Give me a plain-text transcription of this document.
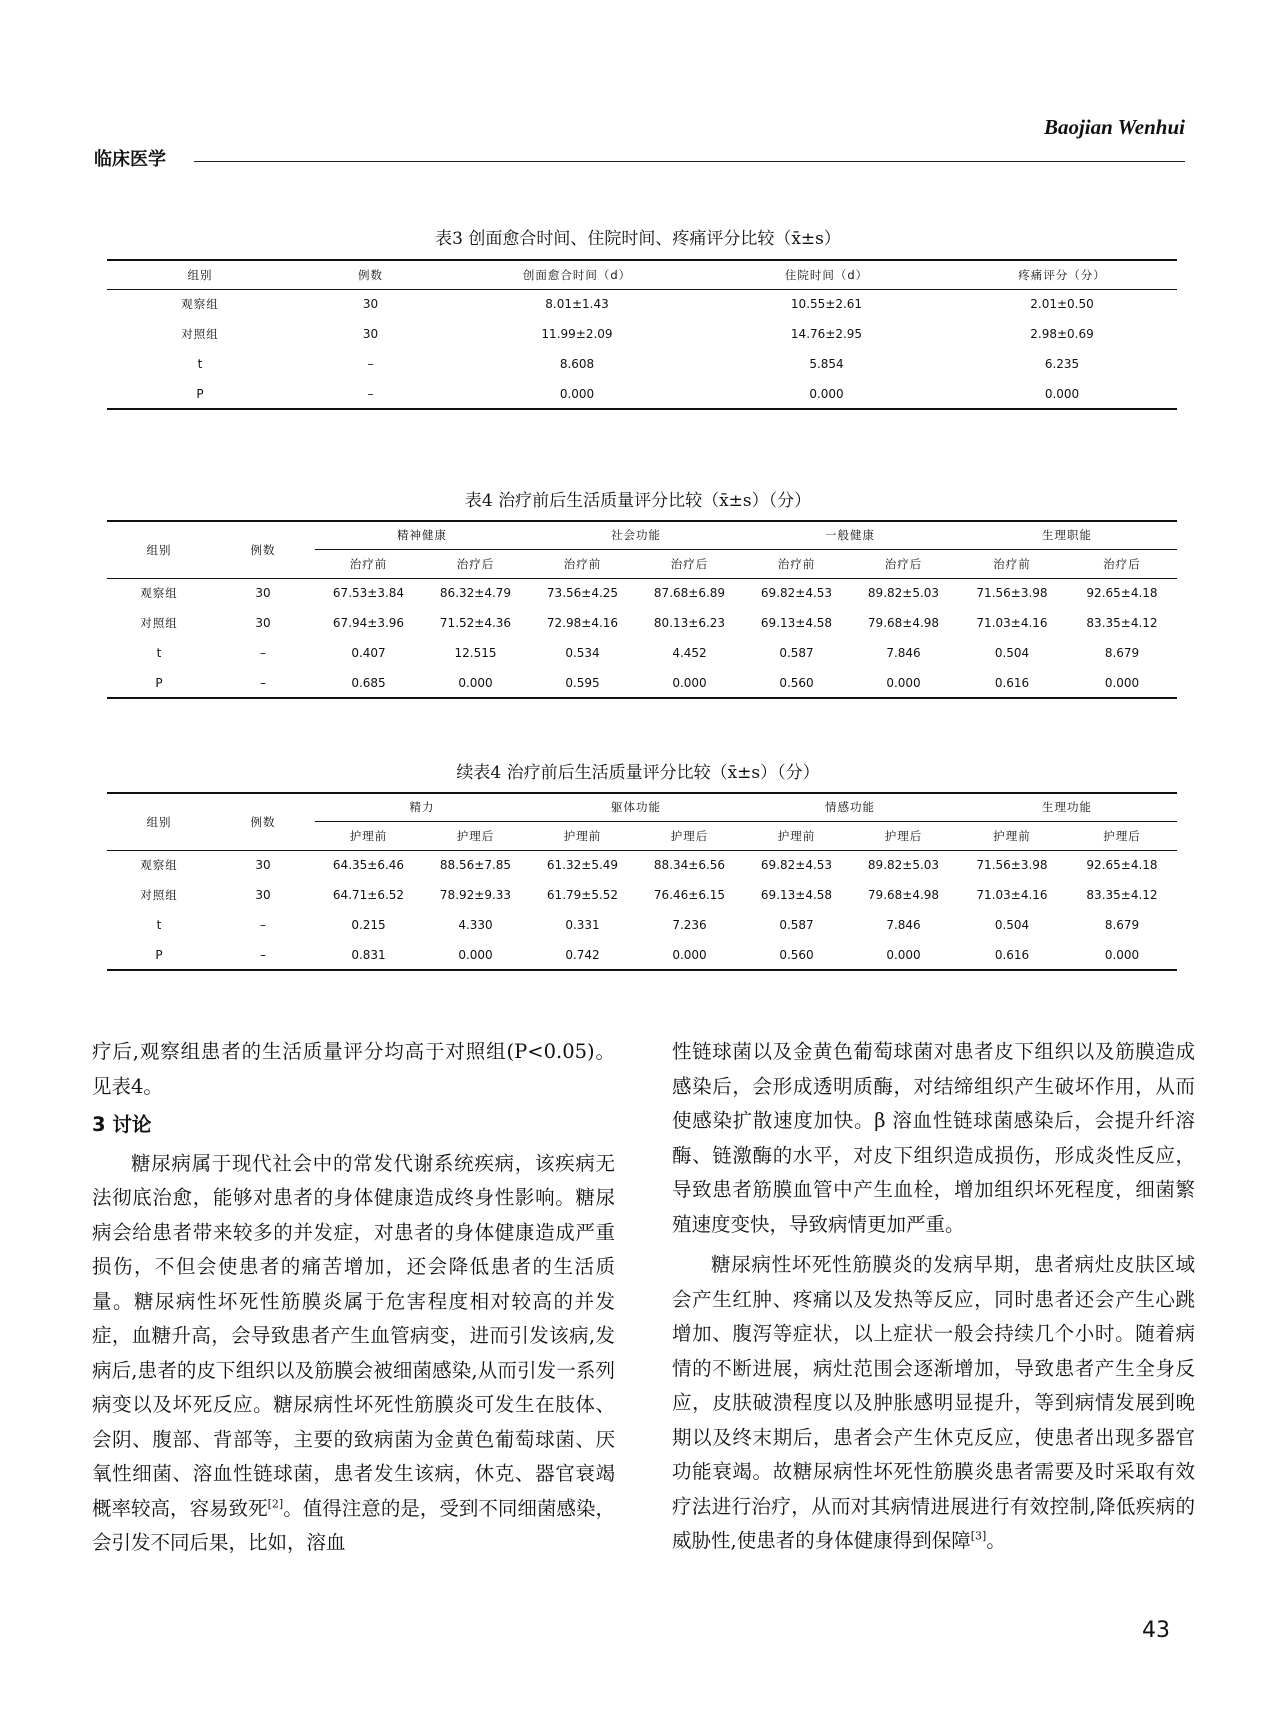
Baojian Wenhui
临床医学
表3 创面愈合时间、住院时间、疼痛评分比较（x̄±s）
组别	例数	创面愈合时间（d）	住院时间（d）	疼痛评分（分）
观察组	30	8.01±1.43	10.55±2.61	2.01±0.50
对照组	30	11.99±2.09	14.76±2.95	2.98±0.69
t	–	8.608	5.854	6.235
P	–	0.000	0.000	0.000
表4 治疗前后生活质量评分比较（x̄±s）（分）
组别	例数	精神健康		社会功能		一般健康		生理职能	
		治疗前	治疗后	治疗前	治疗后	治疗前	治疗后	治疗前	治疗后
观察组	30	67.53±3.84	86.32±4.79	73.56±4.25	87.68±6.89	69.82±4.53	89.82±5.03	71.56±3.98	92.65±4.18
对照组	30	67.94±3.96	71.52±4.36	72.98±4.16	80.13±6.23	69.13±4.58	79.68±4.98	71.03±4.16	83.35±4.12
t	–	0.407	12.515	0.534	4.452	0.587	7.846	0.504	8.679
P	–	0.685	0.000	0.595	0.000	0.560	0.000	0.616	0.000
续表4 治疗前后生活质量评分比较（x̄±s）（分）
组别	例数	精力		躯体功能		情感功能		生理功能	
		护理前	护理后	护理前	护理后	护理前	护理后	护理前	护理后
观察组	30	64.35±6.46	88.56±7.85	61.32±5.49	88.34±6.56	69.82±4.53	89.82±5.03	71.56±3.98	92.65±4.18
对照组	30	64.71±6.52	78.92±9.33	61.79±5.52	76.46±6.15	69.13±4.58	79.68±4.98	71.03±4.16	83.35±4.12
t	–	0.215	4.330	0.331	7.236	0.587	7.846	0.504	8.679
P	–	0.831	0.000	0.742	0.000	0.560	0.000	0.616	0.000

疗后,观察组患者的生活质量评分均高于对照组(P<0.05)。见表4。

3 讨论

糖尿病属于现代社会中的常发代谢系统疾病，该疾病无法彻底治愈，能够对患者的身体健康造成终身性影响。糖尿病会给患者带来较多的并发症，对患者的身体健康造成严重损伤，不但会使患者的痛苦增加，还会降低患者的生活质量。糖尿病性坏死性筋膜炎属于危害程度相对较高的并发症，血糖升高，会导致患者产生血管病变，进而引发该病,发病后,患者的皮下组织以及筋膜会被细菌感染,从而引发一系列病变以及坏死反应。糖尿病性坏死性筋膜炎可发生在肢体、会阴、腹部、背部等，主要的致病菌为金黄色葡萄球菌、厌氧性细菌、溶血性链球菌，患者发生该病，休克、器官衰竭概率较高，容易致死[2]。值得注意的是，受到不同细菌感染，会引发不同后果，比如，溶血

性链球菌以及金黄色葡萄球菌对患者皮下组织以及筋膜造成感染后，会形成透明质酶，对结缔组织产生破坏作用，从而使感染扩散速度加快。β 溶血性链球菌感染后，会提升纤溶酶、链激酶的水平，对皮下组织造成损伤，形成炎性反应，导致患者筋膜血管中产生血栓，增加组织坏死程度，细菌繁殖速度变快，导致病情更加严重。

糖尿病性坏死性筋膜炎的发病早期，患者病灶皮肤区域会产生红肿、疼痛以及发热等反应，同时患者还会产生心跳增加、腹泻等症状，以上症状一般会持续几个小时。随着病情的不断进展，病灶范围会逐渐增加，导致患者产生全身反应，皮肤破溃程度以及肿胀感明显提升，等到病情发展到晚期以及终末期后，患者会产生休克反应，使患者出现多器官功能衰竭。故糖尿病性坏死性筋膜炎患者需要及时采取有效疗法进行治疗，从而对其病情进展进行有效控制,降低疾病的威胁性,使患者的身体健康得到保障[3]。

43
